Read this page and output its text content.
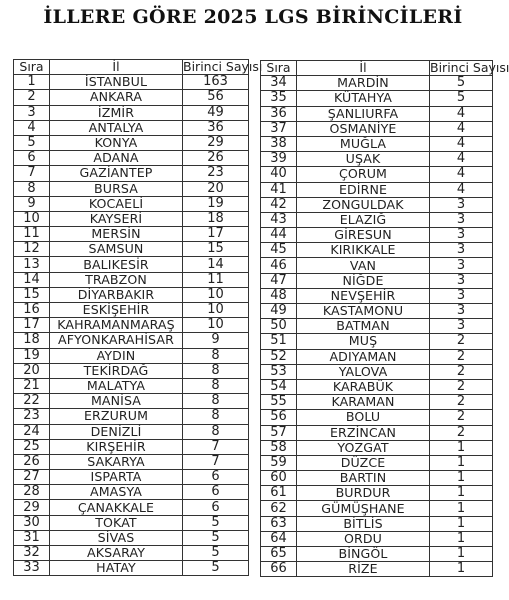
İLLERE GÖRE 2025 LGS BİRİNCİLERİ
Sıra	İl	Birinci Sayısı
1	İSTANBUL	163
2	ANKARA	56
3	İZMİR	49
4	ANTALYA	36
5	KONYA	29
6	ADANA	26
7	GAZİANTEP	23
8	BURSA	20
9	KOCAELİ	19
10	KAYSERİ	18
11	MERSİN	17
12	SAMSUN	15
13	BALIKESİR	14
14	TRABZON	11
15	DİYARBAKIR	10
16	ESKİŞEHİR	10
17	KAHRAMANMARAŞ	10
18	AFYONKARAHİSAR	9
19	AYDIN	8
20	TEKİRDAĞ	8
21	MALATYA	8
22	MANİSA	8
23	ERZURUM	8
24	DENİZLİ	8
25	KIRŞEHİR	7
26	SAKARYA	7
27	ISPARTA	6
28	AMASYA	6
29	ÇANAKKALE	6
30	TOKAT	5
31	SİVAS	5
32	AKSARAY	5
33	HATAY	5
Sıra	İl	Birinci Sayısı
34	MARDİN	5
35	KÜTAHYA	5
36	ŞANLIURFA	4
37	OSMANİYE	4
38	MUĞLA	4
39	UŞAK	4
40	ÇORUM	4
41	EDİRNE	4
42	ZONGULDAK	3
43	ELAZIĞ	3
44	GİRESUN	3
45	KIRIKKALE	3
46	VAN	3
47	NİĞDE	3
48	NEVŞEHİR	3
49	KASTAMONU	3
50	BATMAN	3
51	MUŞ	2
52	ADIYAMAN	2
53	YALOVA	2
54	KARABÜK	2
55	KARAMAN	2
56	BOLU	2
57	ERZİNCAN	2
58	YOZGAT	1
59	DÜZCE	1
60	BARTIN	1
61	BURDUR	1
62	GÜMÜŞHANE	1
63	BİTLİS	1
64	ORDU	1
65	BİNGÖL	1
66	RİZE	1
